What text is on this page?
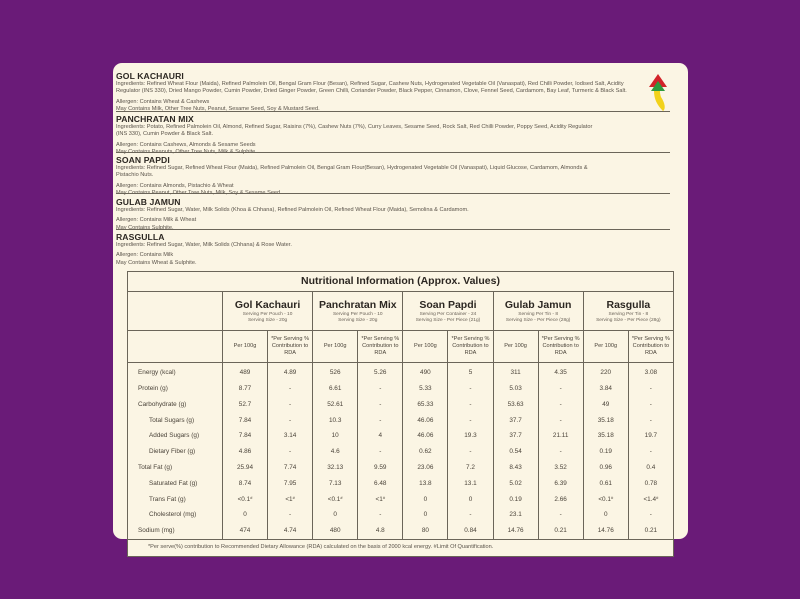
GOL KACHAURI
Ingredients: Refined Wheat Flour (Maida), Refined Palmolein Oil, Bengal Gram Flour (Besan), Refined Sugar, Cashew Nuts, Hydrogenated Vegetable Oil (Vanaspati), Red Chilli Powder, Iodised Salt, Acidity
Regulator (INS 330), Dried Mango Powder, Cumin Powder, Dried Ginger Powder, Green Chilli, Coriander Powder, Black Pepper, Cinnamon, Clove, Fennel Seed, Cardamom, Bay Leaf, Turmeric & Black Salt.
Allergen: Contains Wheat & Cashews
May Contains Milk, Other Tree Nuts, Peanut, Sesame Seed, Soy & Mustard Seed.
PANCHRATAN MIX
Ingredients: Potato, Refined Palmolein Oil, Almond, Refined Sugar, Raisins (7%), Cashew Nuts (7%), Curry Leaves, Sesame Seed, Rock Salt, Red Chilli Powder, Poppy Seed, Acidity Regulator
(INS 330), Cumin Powder & Black Salt.
Allergen: Contains Cashews, Almonds & Sesame Seeds
May Contains Peanuts, Other Tree Nuts, Milk & Sulphite.
SOAN PAPDI
Ingredients: Refined Sugar, Refined Wheat Flour (Maida), Refined Palmolein Oil, Bengal Gram Flour(Besan), Hydrogenated Vegetable Oil (Vanaspati), Liquid Glucose, Cardamom, Almonds &
Pistachio Nuts.
Allergen: Contains Almonds, Pistachio & Wheat
May Contains Peanut, Other Tree Nuts, Milk, Soy & Sesame Seed.
GULAB JAMUN
Ingredients: Refined Sugar, Water, Milk Solids (Khoa & Chhana), Refined Palmolein Oil, Refined Wheat Flour (Maida), Semolina & Cardamom.
Allergen: Contains Milk & Wheat
May Contains Sulphite.
RASGULLA
Ingredients: Refined Sugar, Water, Milk Solids (Chhana) & Rose Water.
Allergen: Contains Milk
May Contains Wheat & Sulphite.
Nutritional Information (Approx. Values)										

	Gol Kachauri
Serving Per Pouch - 10
Serving Size - 20g		Panchratan Mix
Serving Per Pouch - 10
Serving Size - 20g		Soan Papdi
Serving Per Container - 24
Serving Size - Per Piece (21g)		Gulab Jamun
Serving Per Tin - 8
Serving Size - Per Piece (28g)		Rasgulla
Serving Per Tin - 8
Serving Size - Per Piece (28g)	

	Per 100g	*Per Serving %
Contribution to
RDA	Per 100g	*Per Serving %
Contribution to
RDA	Per 100g	*Per Serving %
Contribution to
RDA	Per 100g	*Per Serving %
Contribution to
RDA	Per 100g	*Per Serving %
Contribution to
RDA
Energy (kcal)	489	4.89	526	5.26	490	5	311	4.35	220	3.08
Protein (g)	8.77	-	6.61	-	5.33	-	5.03	-	3.84	-
Carbohydrate (g)	52.7	-	52.61	-	65.33	-	53.63	-	49	-
Total Sugars (g)	7.84	-	10.3	-	46.06	-	37.7	-	35.18	-
Added Sugars (g)	7.84	3.14	10	4	46.06	19.3	37.7	21.11	35.18	19.7
Dietary Fiber (g)	4.86	-	4.6	-	0.62	-	0.54	-	0.19	-
Total Fat (g)	25.94	7.74	32.13	9.59	23.06	7.2	8.43	3.52	0.96	0.4
Saturated Fat (g)	8.74	7.95	7.13	6.48	13.8	13.1	5.02	6.39	0.61	0.78
Trans Fat (g)	<0.1#	<1#	<0.1#	<1#	0	0	0.19	2.66	<0.1#	<1.4#
Cholesterol (mg)	0	-	0	-	0	-	23.1	-	0	-
Sodium (mg)	474	4.74	480	4.8	80	0.84	14.76	0.21	14.76	0.21
*Per serve(%) contribution to Recommended Dietary Allowance (RDA) calculated on the basis of 2000 kcal energy. #Limit Of Quantification.										
